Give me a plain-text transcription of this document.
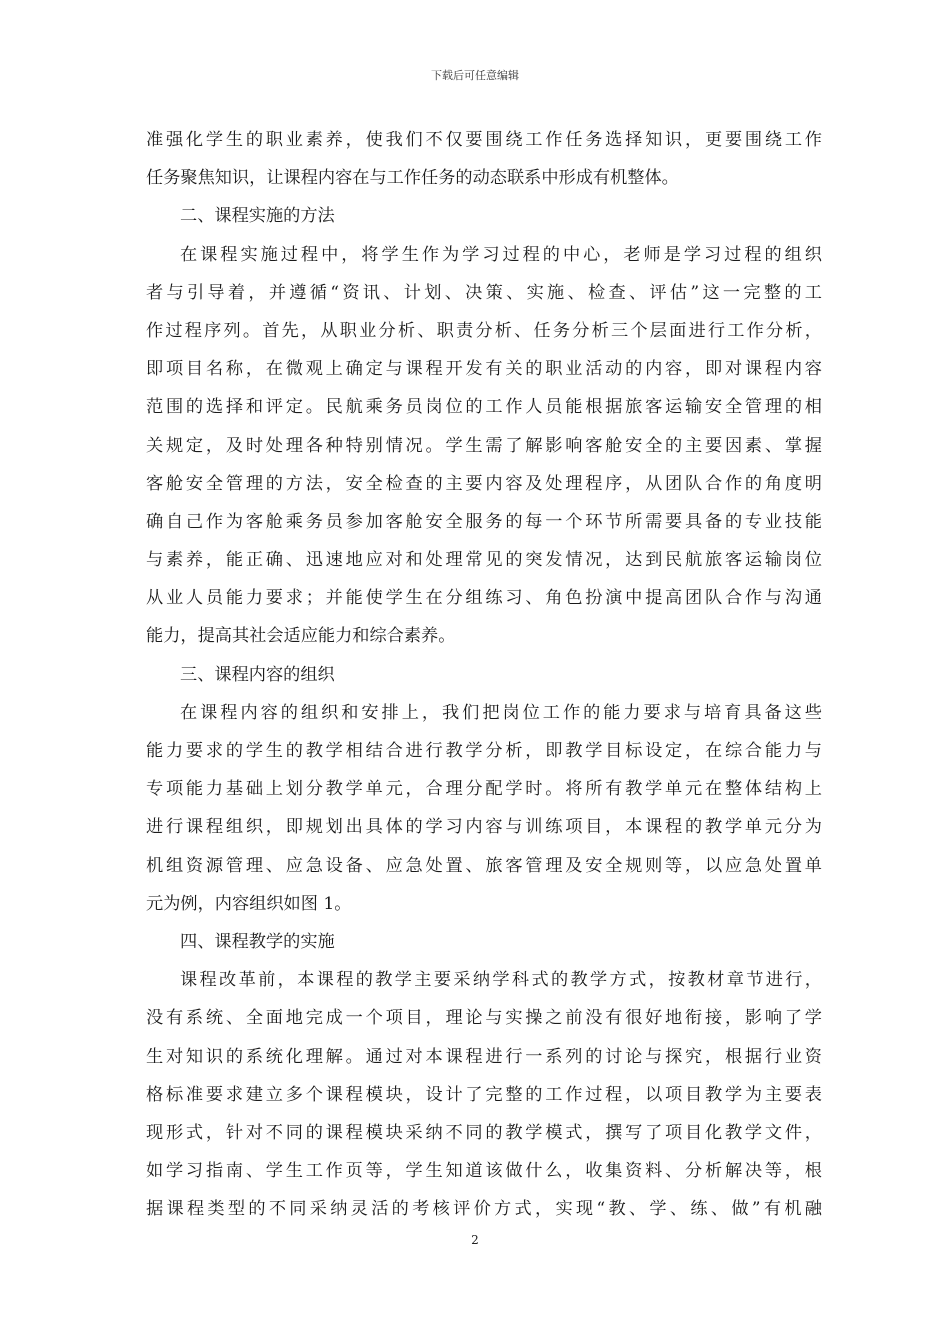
下载后可任意编辑
准强化学生的职业素养，使我们不仅要围绕工作任务选择知识，更要围绕工作
任务聚焦知识，让课程内容在与工作任务的动态联系中形成有机整体。
二、课程实施的方法
在课程实施过程中，将学生作为学习过程的中心，老师是学习过程的组织
者与引导着，并遵循“资讯、计划、决策、实施、检查、评估”这一完整的工
作过程序列。首先，从职业分析、职责分析、任务分析三个层面进行工作分析，
即项目名称，在微观上确定与课程开发有关的职业活动的内容，即对课程内容
范围的选择和评定。民航乘务员岗位的工作人员能根据旅客运输安全管理的相
关规定，及时处理各种特别情况。学生需了解影响客舱安全的主要因素、掌握
客舱安全管理的方法，安全检查的主要内容及处理程序，从团队合作的角度明
确自己作为客舱乘务员参加客舱安全服务的每一个环节所需要具备的专业技能
与素养，能正确、迅速地应对和处理常见的突发情况，达到民航旅客运输岗位
从业人员能力要求；并能使学生在分组练习、角色扮演中提高团队合作与沟通
能力，提高其社会适应能力和综合素养。
三、课程内容的组织
在课程内容的组织和安排上，我们把岗位工作的能力要求与培育具备这些
能力要求的学生的教学相结合进行教学分析，即教学目标设定，在综合能力与
专项能力基础上划分教学单元，合理分配学时。将所有教学单元在整体结构上
进行课程组织，即规划出具体的学习内容与训练项目，本课程的教学单元分为
机组资源管理、应急设备、应急处置、旅客管理及安全规则等，以应急处置单
元为例，内容组织如图 1。
四、课程教学的实施
课程改革前，本课程的教学主要采纳学科式的教学方式，按教材章节进行，
没有系统、全面地完成一个项目，理论与实操之前没有很好地衔接，影响了学
生对知识的系统化理解。通过对本课程进行一系列的讨论与探究，根据行业资
格标准要求建立多个课程模块，设计了完整的工作过程，以项目教学为主要表
现形式，针对不同的课程模块采纳不同的教学模式，撰写了项目化教学文件，
如学习指南、学生工作页等，学生知道该做什么，收集资料、分析解决等，根
据课程类型的不同采纳灵活的考核评价方式，实现“教、学、练、做”有机融
2
